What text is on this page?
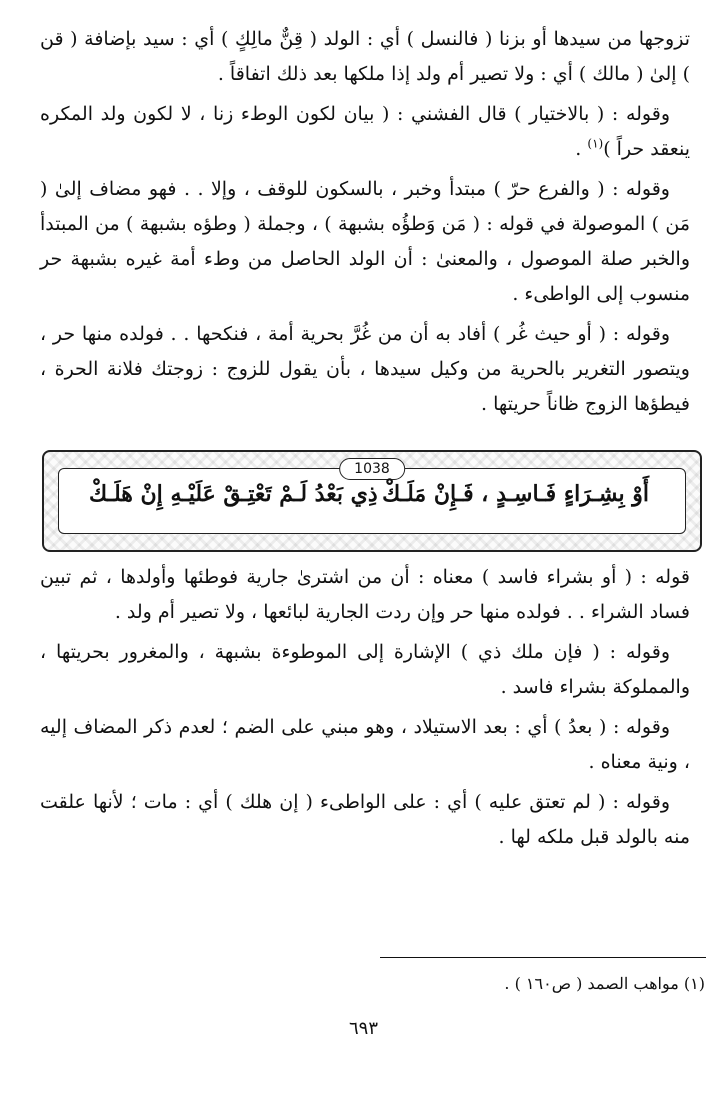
تزوجها من سيدها أو بزنا ( فالنسل ) أي : الولد ( قِنٌّ مالِكٍ ) أي : سيد بإضافة ( قن ) إلىٰ ( مالك ) أي : ولا تصير أم ولد إذا ملكها بعد ذلك اتفاقاً .

وقوله : ( بالاختيار ) قال الفشني : ( بيان لكون الوطء زنا ، لا لكون ولد المكره ينعقد حراً )$^{(١)}$ .

وقوله : ( والفرع حرّ ) مبتدأ وخبر ، بالسكون للوقف ، وإلا . . فهو مضاف إلىٰ ( مَن ) الموصولة في قوله : ( مَن وَطؤُه بشبهة ) ، وجملة ( وطؤه بشبهة ) من المبتدأ والخبر صلة الموصول ، والمعنىٰ : أن الولد الحاصل من وطء أمة غيره بشبهة حر منسوب إلى الواطىء .

وقوله : ( أو حيث غُر ) أفاد به أن من غُرَّ بحرية أمة ، فنكحها . . فولده منها حر ، ويتصور التغرير بالحرية من وكيل سيدها ، بأن يقول للزوج : زوجتك فلانة الحرة ، فيطؤها الزوج ظاناً حريتها .

1038
أَوْ بِشِـرَاءٍ فَـاسِـدٍ ، فَـإِنْ مَلَـكْ
ذِي بَعْدُ لَـمْ تَعْتِـقْ عَلَيْـهِ إِنْ هَلَـكْ

قوله : ( أو بشراء فاسد ) معناه : أن من اشترىٰ جارية فوطئها وأولدها ، ثم تبين فساد الشراء . . فولده منها حر وإن ردت الجارية لبائعها ، ولا تصير أم ولد .

وقوله : ( فإن ملك ذي ) الإشارة إلى الموطوءة بشبهة ، والمغرور بحريتها ، والمملوكة بشراء فاسد .

وقوله : ( بعدُ ) أي : بعد الاستيلاد ، وهو مبني على الضم ؛ لعدم ذكر المضاف إليه ، ونية معناه .

وقوله : ( لم تعتق عليه ) أي : على الواطىء ( إن هلك ) أي : مات ؛ لأنها علقت منه بالولد قبل ملكه لها .

(١) مواهب الصمد ( ص١٦٠ ) .
٦٩٣
